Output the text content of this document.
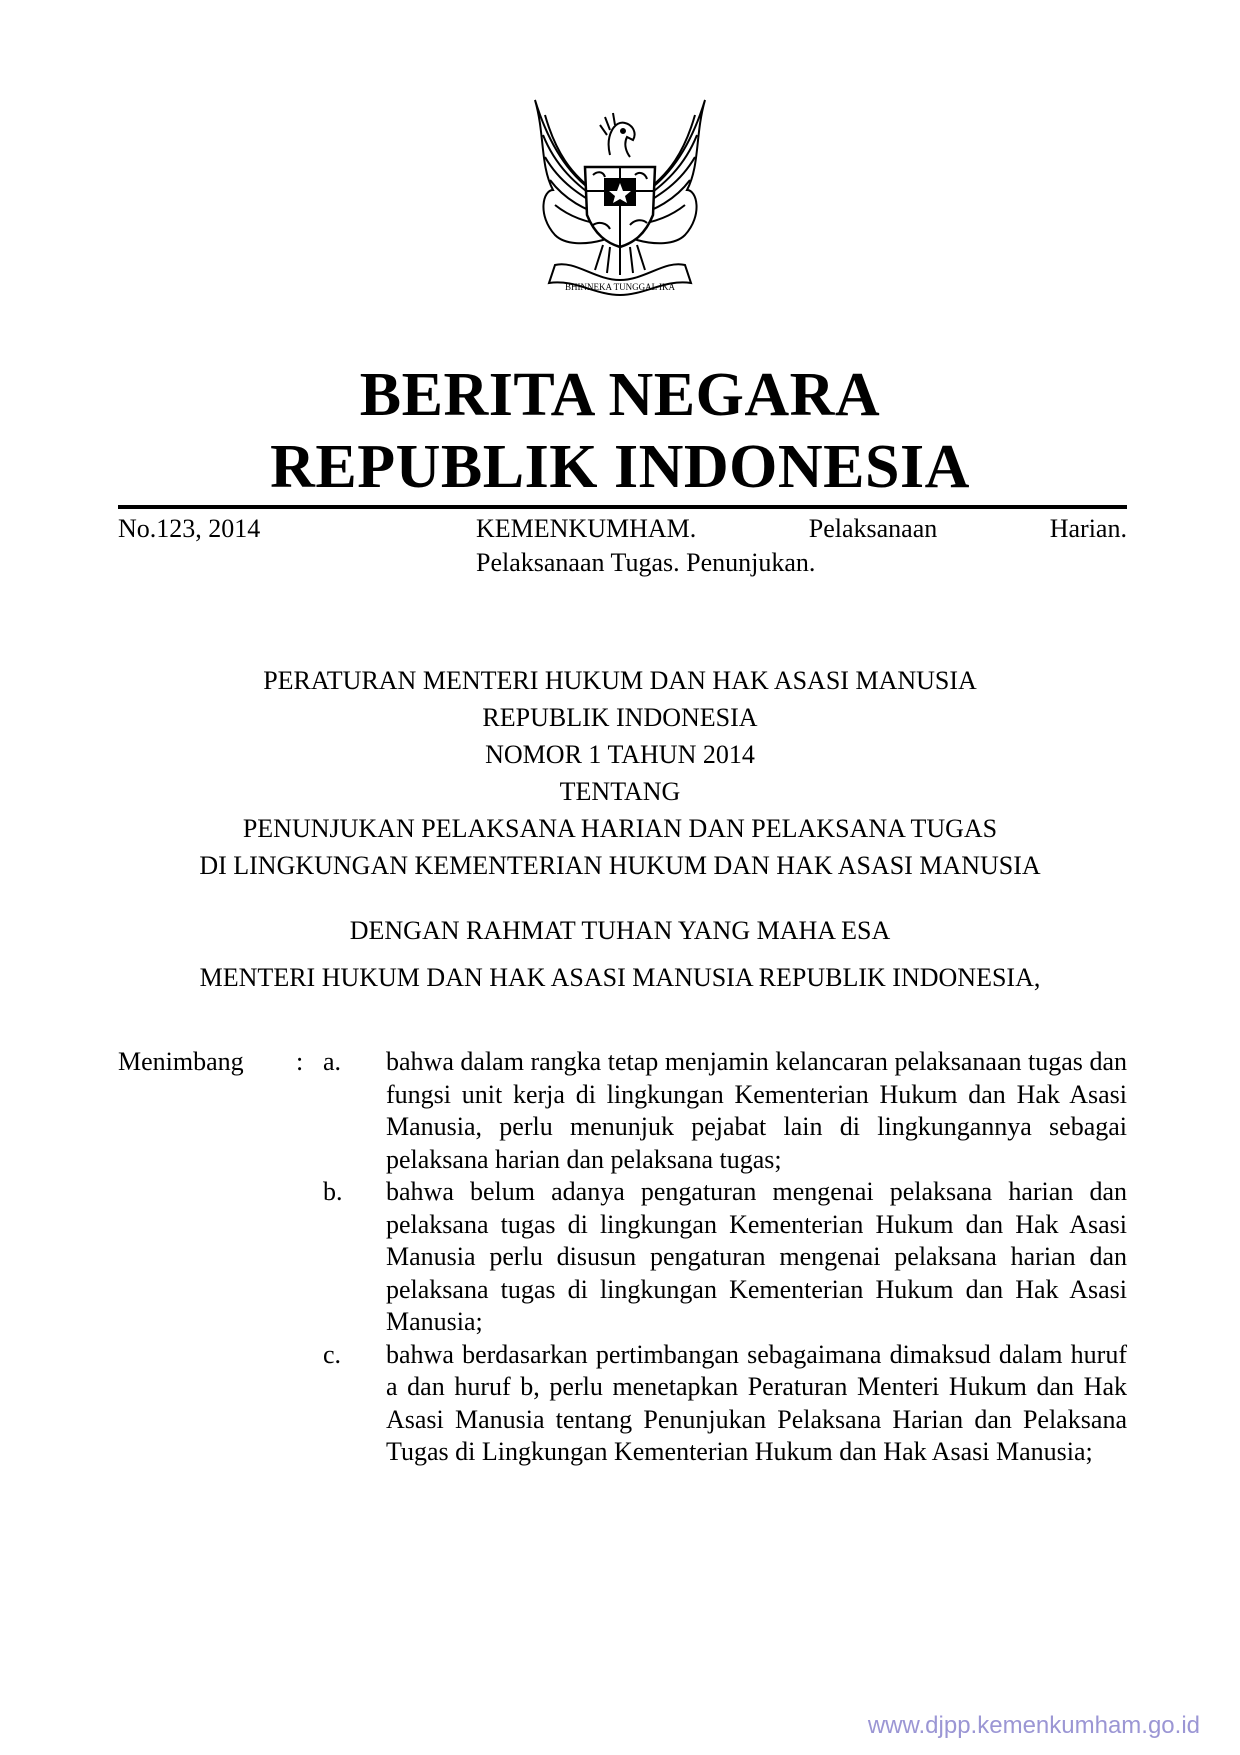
BHINNEKA TUNGGAL IKA
BERITA NEGARA
REPUBLIK INDONESIA
No.123, 2014	KEMENKUMHAM.	Pelaksanaan	Harian.
Pelaksanaan Tugas. Penunjukan.
PERATURAN MENTERI HUKUM DAN HAK ASASI MANUSIA
REPUBLIK INDONESIA
NOMOR 1 TAHUN 2014
TENTANG
PENUNJUKAN PELAKSANA HARIAN DAN PELAKSANA TUGAS
DI LINGKUNGAN KEMENTERIAN HUKUM DAN HAK ASASI MANUSIA
DENGAN RAHMAT TUHAN YANG MAHA ESA
MENTERI HUKUM DAN HAK ASASI MANUSIA REPUBLIK INDONESIA,
Menimbang : a. bahwa dalam rangka tetap menjamin kelancaran pelaksanaan tugas dan fungsi unit kerja di lingkungan Kementerian Hukum dan Hak Asasi Manusia, perlu menunjuk pejabat lain di lingkungannya sebagai pelaksana harian dan pelaksana tugas;
b. bahwa belum adanya pengaturan mengenai pelaksana harian dan pelaksana tugas di lingkungan Kementerian Hukum dan Hak Asasi Manusia perlu disusun pengaturan mengenai pelaksana harian dan pelaksana tugas di lingkungan Kementerian Hukum dan Hak Asasi Manusia;
c. bahwa berdasarkan pertimbangan sebagaimana dimaksud dalam huruf a dan huruf b, perlu menetapkan Peraturan Menteri Hukum dan Hak Asasi Manusia tentang Penunjukan Pelaksana Harian dan Pelaksana Tugas di Lingkungan Kementerian Hukum dan Hak Asasi Manusia;
www.djpp.kemenkumham.go.id
